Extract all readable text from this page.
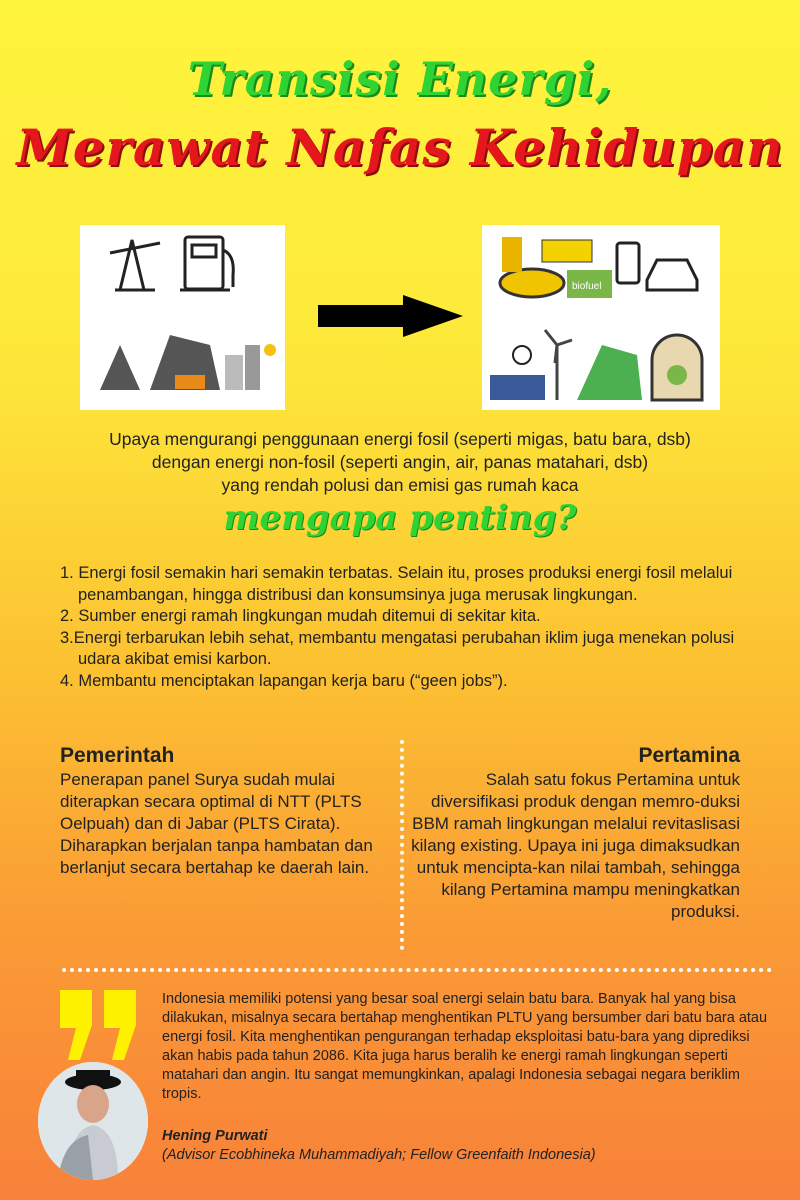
Transisi Energi,
Merawat Nafas Kehidupan
biofuel
Upaya mengurangi penggunaan energi fosil (seperti migas, batu bara, dsb)
dengan energi non-fosil (seperti angin, air, panas matahari, dsb)
yang rendah polusi dan emisi gas rumah kaca
mengapa penting?
1. Energi fosil semakin hari semakin terbatas. Selain itu, proses produksi energi fosil melalui penambangan, hingga distribusi dan konsumsinya juga merusak lingkungan.
2. Sumber energi ramah lingkungan mudah ditemui di sekitar kita.
3.Energi terbarukan lebih sehat, membantu mengatasi perubahan iklim juga menekan polusi udara akibat emisi karbon.
4. Membantu menciptakan lapangan kerja baru (“geen jobs”).
Pemerintah

Penerapan panel Surya sudah mulai diterapkan secara optimal di NTT (PLTS Oelpuah) dan di Jabar (PLTS Cirata). Diharapkan berjalan tanpa hambatan dan berlanjut secara bertahap ke daerah lain.

Pertamina

Salah satu fokus Pertamina untuk diversifikasi produk dengan memro-duksi BBM ramah lingkungan melalui revitaslisasi kilang existing. Upaya ini juga dimaksudkan untuk mencipta-kan nilai tambah, sehingga kilang Pertamina mampu meningkatkan produksi.

Indonesia memiliki potensi yang besar soal energi selain batu bara. Banyak hal yang bisa dilakukan, misalnya secara bertahap menghentikan PLTU yang bersumber dari batu bara atau energi fosil. Kita menghentikan pengurangan terhadap eksploitasi batu-bara yang diprediksi akan habis pada tahun 2086. Kita juga harus beralih ke energi ramah lingkungan seperti matahari dan angin. Itu sangat memungkinkan, apalagi Indonesia sebagai negara beriklim tropis.

Hening Purwati
(Advisor Ecobhineka Muhammadiyah; Fellow Greenfaith Indonesia)
